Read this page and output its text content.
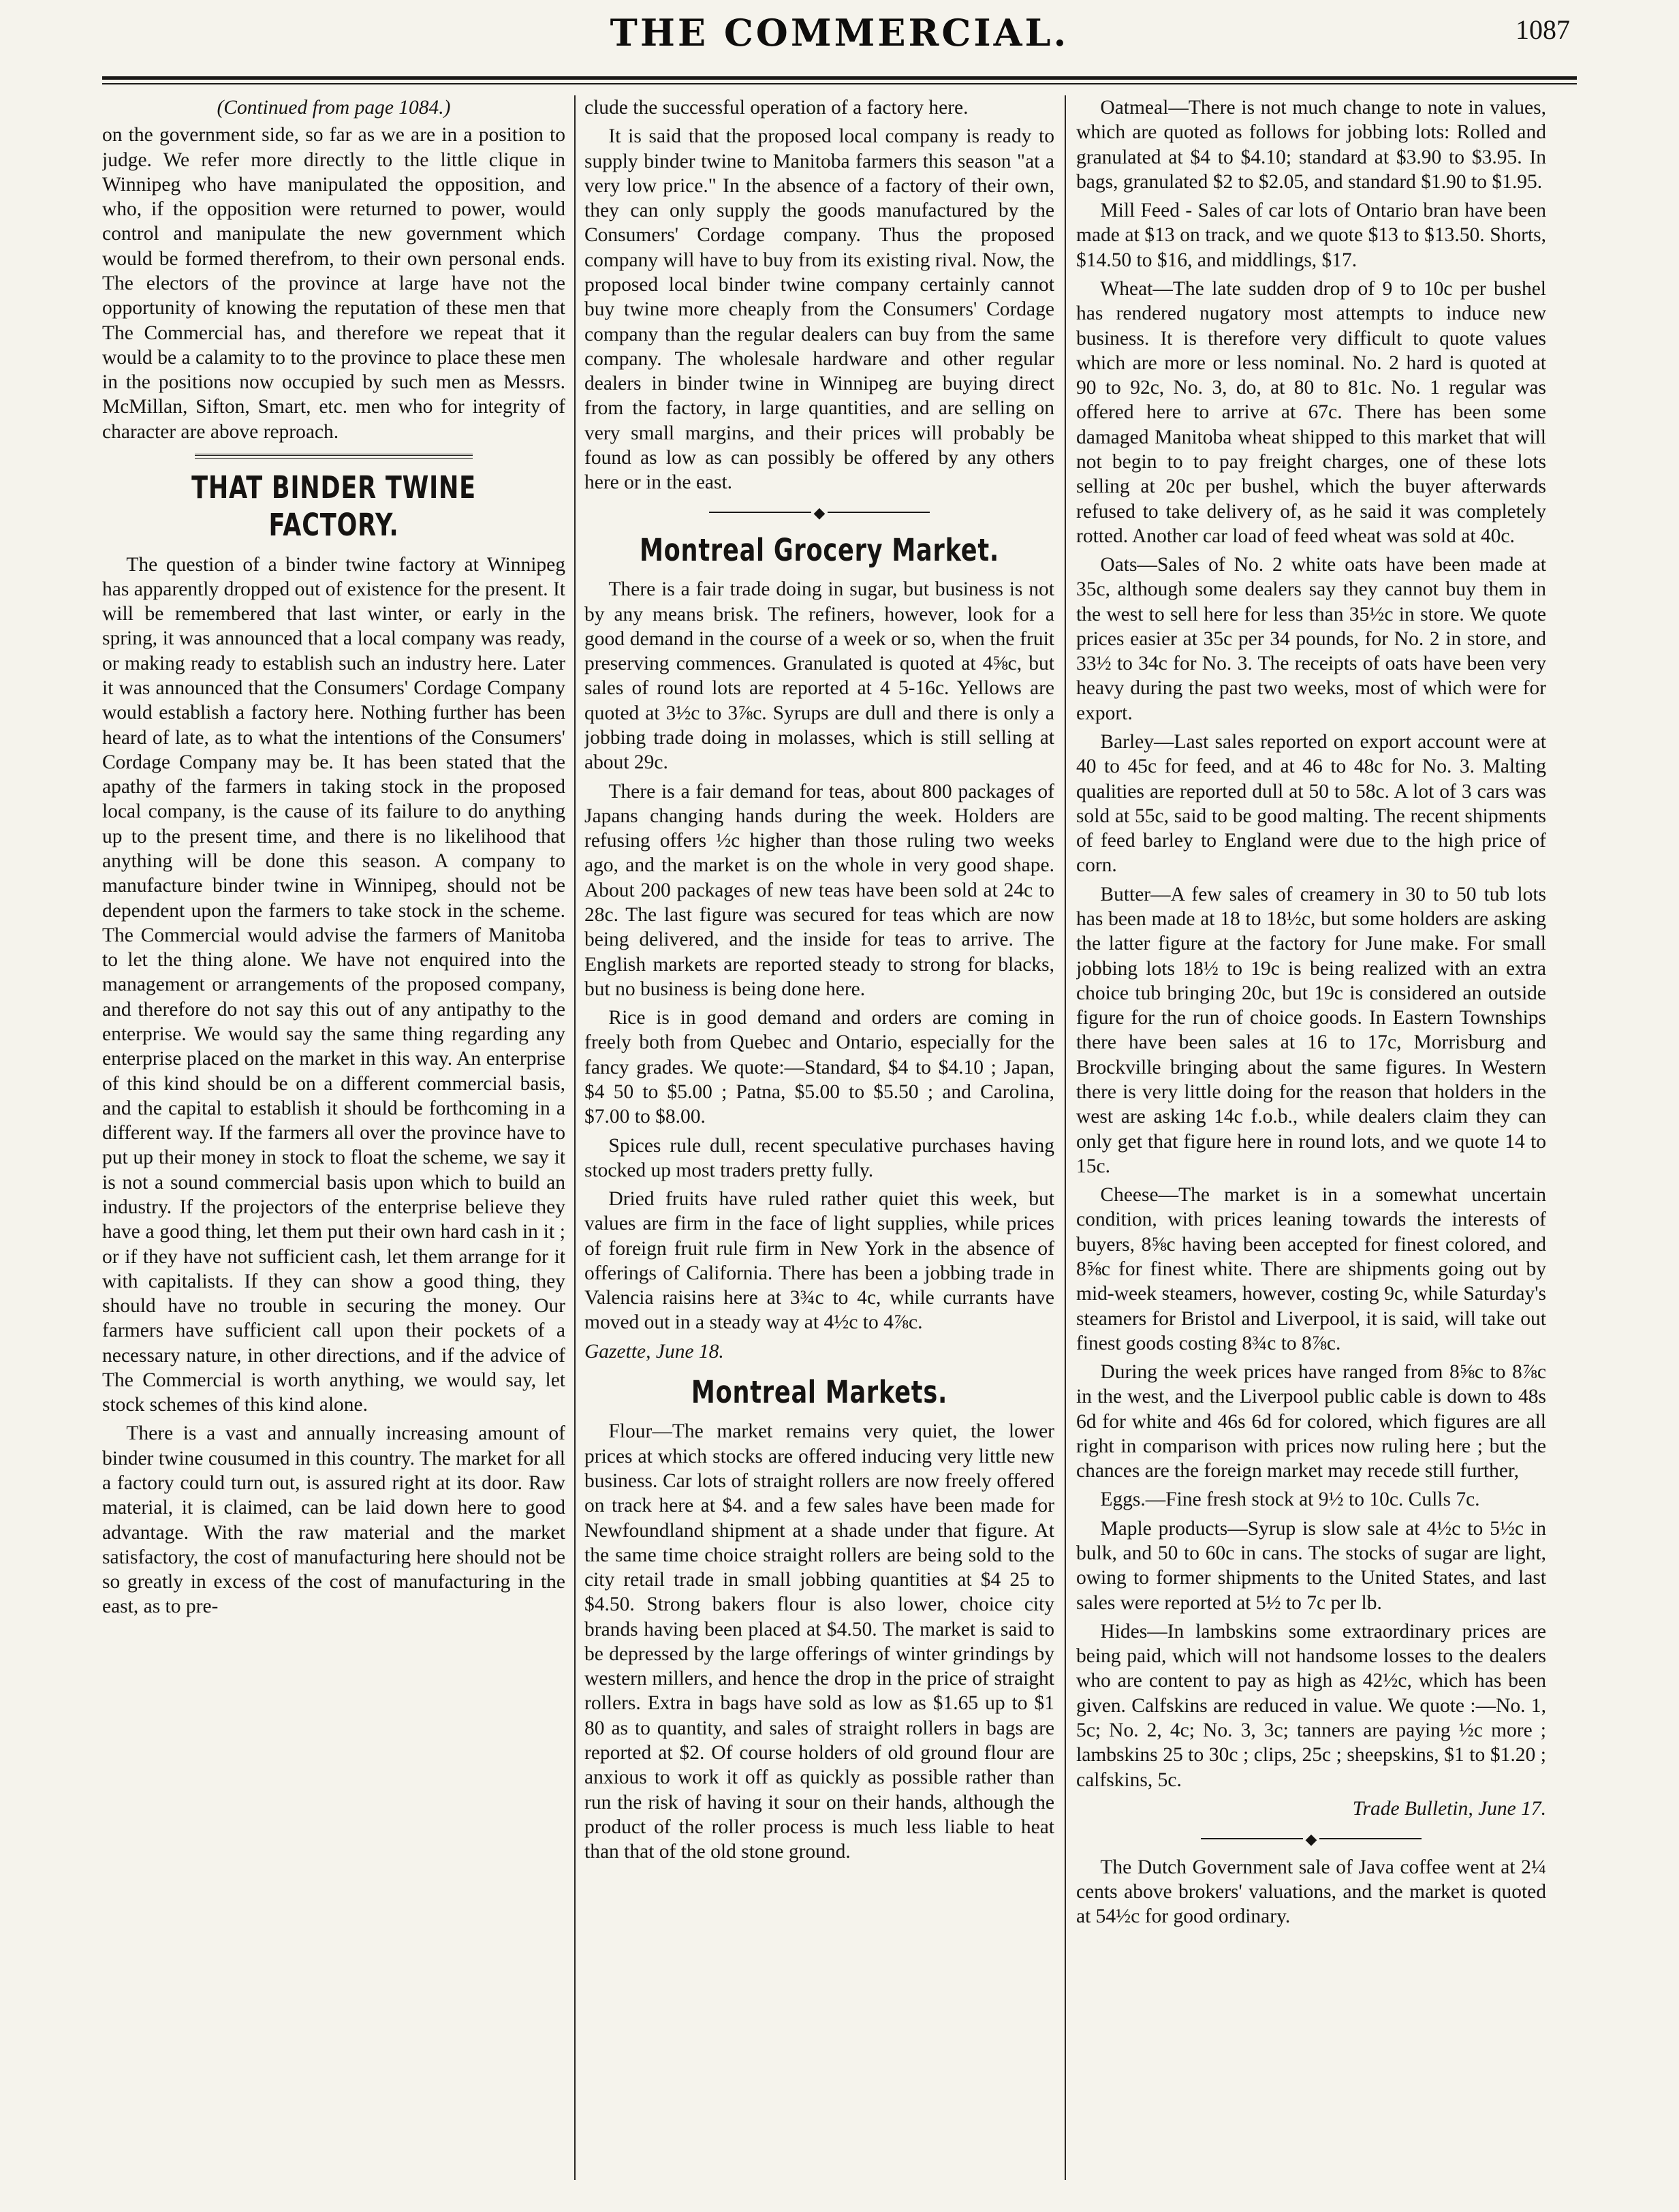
THE COMMERCIAL.	1087
(Continued from page 1084.)

on the government side, so far as we are in a position to judge. We refer more directly to the little clique in Winnipeg who have manipulated the opposition, and who, if the opposition were returned to power, would control and manipulate the new government which would be formed therefrom, to their own personal ends. The electors of the province at large have not the opportunity of knowing the reputation of these men that The Commercial has, and therefore we repeat that it would be a calamity to to the province to place these men in the positions now occupied by such men as Messrs. McMillan, Sifton, Smart, etc. men who for integrity of character are above reproach.

THAT BINDER TWINE FACTORY.

The question of a binder twine factory at Winnipeg has apparently dropped out of existence for the present. It will be remembered that last winter, or early in the spring, it was announced that a local company was ready, or making ready to establish such an industry here. Later it was announced that the Consumers' Cordage Company would establish a factory here. Nothing further has been heard of late, as to what the intentions of the Consumers' Cordage Company may be. It has been stated that the apathy of the farmers in taking stock in the proposed local company, is the cause of its failure to do anything up to the present time, and there is no likelihood that anything will be done this season. A company to manufacture binder twine in Winnipeg, should not be dependent upon the farmers to take stock in the scheme. The Commercial would advise the farmers of Manitoba to let the thing alone. We have not enquired into the management or arrangements of the proposed company, and therefore do not say this out of any antipathy to the enterprise. We would say the same thing regarding any enterprise placed on the market in this way. An enterprise of this kind should be on a different commercial basis, and the capital to establish it should be forthcoming in a different way. If the farmers all over the province have to put up their money in stock to float the scheme, we say it is not a sound commercial basis upon which to build an industry. If the projectors of the enterprise believe they have a good thing, let them put their own hard cash in it ; or if they have not sufficient cash, let them arrange for it with capitalists. If they can show a good thing, they should have no trouble in securing the money. Our farmers have sufficient call upon their pockets of a necessary nature, in other directions, and if the advice of The Commercial is worth anything, we would say, let stock schemes of this kind alone.

There is a vast and annually increasing amount of binder twine cousumed in this country. The market for all a factory could turn out, is assured right at its door. Raw material, it is claimed, can be laid down here to good advantage. With the raw material and the market satisfactory, the cost of manufacturing here should not be so greatly in excess of the cost of manufacturing in the east, as to pre-

clude the successful operation of a factory here.

It is said that the proposed local company is ready to supply binder twine to Manitoba farmers this season "at a very low price." In the absence of a factory of their own, they can only supply the goods manufactured by the Consumers' Cordage company. Thus the proposed company will have to buy from its existing rival. Now, the proposed local binder twine company certainly cannot buy twine more cheaply from the Consumers' Cordage company than the regular dealers can buy from the same company. The wholesale hardware and other regular dealers in binder twine in Winnipeg are buying direct from the factory, in large quantities, and are selling on very small margins, and their prices will probably be found as low as can possibly be offered by any others here or in the east.

◆
Montreal Grocery Market.

There is a fair trade doing in sugar, but business is not by any means brisk. The refiners, however, look for a good demand in the course of a week or so, when the fruit preserving commences. Granulated is quoted at 4⅝c, but sales of round lots are reported at 4 5-16c. Yellows are quoted at 3½c to 3⅞c. Syrups are dull and there is only a jobbing trade doing in molasses, which is still selling at about 29c.

There is a fair demand for teas, about 800 packages of Japans changing hands during the week. Holders are refusing offers ½c higher than those ruling two weeks ago, and the market is on the whole in very good shape. About 200 packages of new teas have been sold at 24c to 28c. The last figure was secured for teas which are now being delivered, and the inside for teas to arrive. The English markets are reported steady to strong for blacks, but no business is being done here.

Rice is in good demand and orders are coming in freely both from Quebec and Ontario, especially for the fancy grades. We quote:—Standard, $4 to $4.10 ; Japan, $4 50 to $5.00 ; Patna, $5.00 to $5.50 ; and Carolina, $7.00 to $8.00.

Spices rule dull, recent speculative purchases having stocked up most traders pretty fully.

Dried fruits have ruled rather quiet this week, but values are firm in the face of light supplies, while prices of foreign fruit rule firm in New York in the absence of offerings of California. There has been a jobbing trade in Valencia raisins here at 3¾c to 4c, while currants have moved out in a steady way at 4½c to 4⅞c.

Gazette, June 18.

Montreal Markets.

Flour—The market remains very quiet, the lower prices at which stocks are offered inducing very little new business. Car lots of straight rollers are now freely offered on track here at $4. and a few sales have been made for Newfoundland shipment at a shade under that figure. At the same time choice straight rollers are being sold to the city retail trade in small jobbing quantities at $4 25 to $4.50. Strong bakers flour is also lower, choice city brands having been placed at $4.50. The market is said to be depressed by the large offerings of winter grindings by western millers, and hence the drop in the price of straight rollers. Extra in bags have sold as low as $1.65 up to $1 80 as to quantity, and sales of straight rollers in bags are reported at $2. Of course holders of old ground flour are anxious to work it off as quickly as possible rather than run the risk of having it sour on their hands, although the product of the roller process is much less liable to heat than that of the old stone ground.

Oatmeal—There is not much change to note in values, which are quoted as follows for jobbing lots: Rolled and granulated at $4 to $4.10; standard at $3.90 to $3.95. In bags, granulated $2 to $2.05, and standard $1.90 to $1.95.

Mill Feed - Sales of car lots of Ontario bran have been made at $13 on track, and we quote $13 to $13.50. Shorts, $14.50 to $16, and middlings, $17.

Wheat—The late sudden drop of 9 to 10c per bushel has rendered nugatory most attempts to induce new business. It is therefore very difficult to quote values which are more or less nominal. No. 2 hard is quoted at 90 to 92c, No. 3, do, at 80 to 81c. No. 1 regular was offered here to arrive at 67c. There has been some damaged Manitoba wheat shipped to this market that will not begin to to pay freight charges, one of these lots selling at 20c per bushel, which the buyer afterwards refused to take delivery of, as he said it was completely rotted. Another car load of feed wheat was sold at 40c.

Oats—Sales of No. 2 white oats have been made at 35c, although some dealers say they cannot buy them in the west to sell here for less than 35½c in store. We quote prices easier at 35c per 34 pounds, for No. 2 in store, and 33½ to 34c for No. 3. The receipts of oats have been very heavy during the past two weeks, most of which were for export.

Barley—Last sales reported on export account were at 40 to 45c for feed, and at 46 to 48c for No. 3. Malting qualities are reported dull at 50 to 58c. A lot of 3 cars was sold at 55c, said to be good malting. The recent shipments of feed barley to England were due to the high price of corn.

Butter—A few sales of creamery in 30 to 50 tub lots has been made at 18 to 18½c, but some holders are asking the latter figure at the factory for June make. For small jobbing lots 18½ to 19c is being realized with an extra choice tub bringing 20c, but 19c is considered an outside figure for the run of choice goods. In Eastern Townships there have been sales at 16 to 17c, Morrisburg and Brockville bringing about the same figures. In Western there is very little doing for the reason that holders in the west are asking 14c f.o.b., while dealers claim they can only get that figure here in round lots, and we quote 14 to 15c.

Cheese—The market is in a somewhat uncertain condition, with prices leaning towards the interests of buyers, 8⅝c having been accepted for finest colored, and 8⅝c for finest white. There are shipments going out by mid-week steamers, however, costing 9c, while Saturday's steamers for Bristol and Liverpool, it is said, will take out finest goods costing 8¾c to 8⅞c.

During the week prices have ranged from 8⅝c to 8⅞c in the west, and the Liverpool public cable is down to 48s 6d for white and 46s 6d for colored, which figures are all right in comparison with prices now ruling here ; but the chances are the foreign market may recede still further,

Eggs.—Fine fresh stock at 9½ to 10c. Culls 7c.

Maple products—Syrup is slow sale at 4½c to 5½c in bulk, and 50 to 60c in cans. The stocks of sugar are light, owing to former shipments to the United States, and last sales were reported at 5½ to 7c per lb.

Hides—In lambskins some extraordinary prices are being paid, which will not handsome losses to the dealers who are content to pay as high as 42½c, which has been given. Calfskins are reduced in value. We quote :—No. 1, 5c; No. 2, 4c; No. 3, 3c; tanners are paying ½c more ; lambskins 25 to 30c ; clips, 25c ; sheepskins, $1 to $1.20 ; calfskins, 5c.

Trade Bulletin, June 17.

◆

The Dutch Government sale of Java coffee went at 2¼ cents above brokers' valuations, and the market is quoted at 54½c for good ordinary.
